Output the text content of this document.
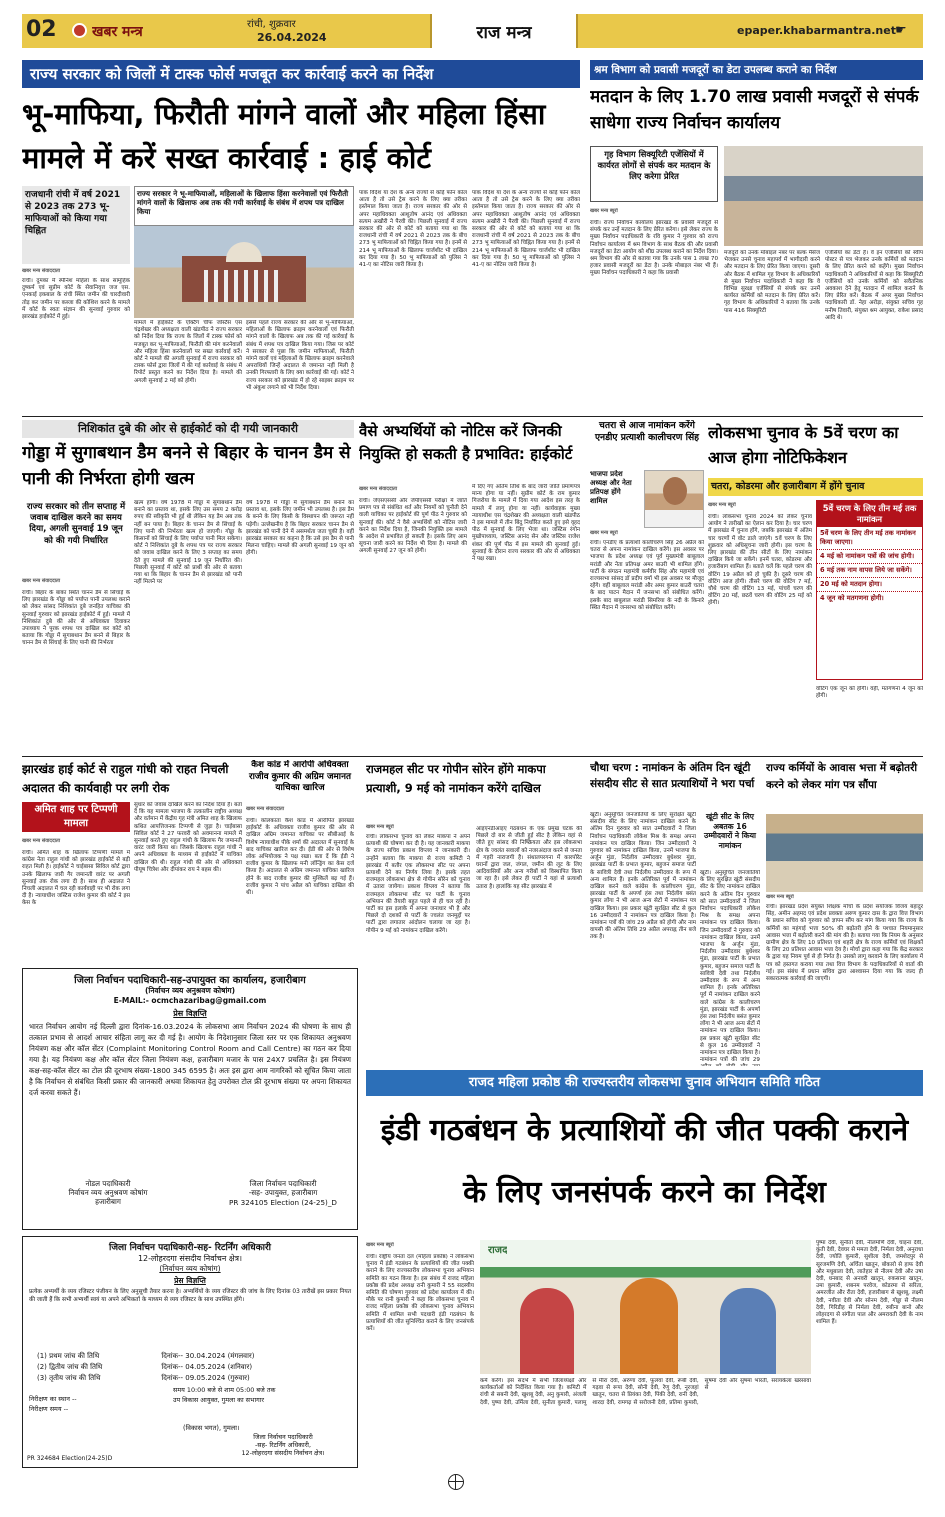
02	खबर मन्त्र	रांची, शुक्रवार
26.04.2024	राज मन्त्र	epaper.khabarmantra.net ☛
राज्य सरकार को जिलों में टास्क फोर्स मजबूत कर कार्रवाई करने का निर्देश
भू-माफिया, फिरौती मांगने वालों और महिला हिंसा मामले में करें सख्त कार्रवाई : हाई कोर्ट
राजधानी रांची में वर्ष 2021 से 2023 तक 273 भू-माफियाओं को किया गया चिह्नित
खबर मन्त्र संवाददाता
राज्य सरकार ने भू-माफियाओं, महिलाओं के खिलाफ हिंसा करनेवालों एवं फिरौती मांगने वालों के खिलाफ अब तक की गयी कार्रवाई के संबंध में शपथ पत्र दाखिल किया
रांची। दुमका में स्पेनिश महिला के साथ सामूहिक दुष्कर्म एवं सुप्रीम कोर्ट के सेवानिवृत्त जज एस. एनकाई इकबाल के रांची स्थित जमीन की चारदीवारी तोड़ कर जमीन पर कब्जा की कोशिश करने के मामले में कोर्ट के स्वतः संज्ञान की सुनवाई गुरुवार को झारखंड हाईकोर्ट में हुई।
मामले में हाईकोर्ट के एक्टिंग चीफ जस्टिस एस चंद्रशेखर की अध्यक्षता वाली खंडपीठ ने राज्य सरकार को निर्देश दिया कि राज्य के जिलों में टास्क फोर्स को मजबूत कर भू-माफियाओं, फिरौती की मांग करनेवालों और महिला हिंसा करनेवालों पर सख्त कार्रवाई करें। कोर्ट ने मामले की अगली सुनवाई में राज्य सरकार को टास्क फोर्स द्वारा जिलों में की गई कार्रवाई के संबंध में रिपोर्ट प्रस्तुत करने का निर्देश दिया है। मामले की अगली सुनवाई 2 मई को होगी।
इससे पहले राज्य सरकार की ओर से भू-माफियाओं, महिलाओं के खिलाफ क्राइम करनेवालों एवं फिरौती मांगने वालों के खिलाफ अब तक की गई कार्रवाई के संबंध में शपथ पत्र दाखिल किया गया। जिस पर कोर्ट ने सरकार से पूछा कि जमीन माफियाओं, फिरौती मांगने वालों एवं महिलाओं के खिलाफ क्राइम करनेवाले अपराधियों जिन्हें अदालत से जमानत नहीं मिली है उनकी गिरफ्तारी के लिए क्या कार्रवाई की गई। कोर्ट ने राज्य सरकार को झारखंड में हो रहे साइबर क्राइम पर भी अंकुश लगाने को भी निर्देश दिया।
पाक विदेश या देश के अन्य राज्यों से कोई फोन कॉल आता है तो उसे ट्रेस करने के लिए क्या तरीका इस्तेमाल किया जाता है। राज्य सरकार की ओर से अपर महाधिवक्ता आशुतोष आनंद एवं अधिवक्ता सत्यम अखौरी ने पैरवी की। पिछली सुनवाई में राज्य सरकार की ओर से कोर्ट को बताया गया था कि राजधानी रांची में वर्ष 2021 से 2023 तक के बीच 273 भू माफियाओं को चिह्नित किया गया है। इनमें से 214 भू माफियाओं के खिलाफ चार्जशीट भी दाखिल कर दिया गया है। 50 भू माफियाओं को पुलिस ने 41-ए का नोटिस जारी किया है।
पाक विदेश या देश के अन्य राज्यों से कोई फोन कॉल आता है तो उसे ट्रेस करने के लिए क्या तरीका इस्तेमाल किया जाता है। राज्य सरकार की ओर से अपर महाधिवक्ता आशुतोष आनंद एवं अधिवक्ता सत्यम अखौरी ने पैरवी की। पिछली सुनवाई में राज्य सरकार की ओर से कोर्ट को बताया गया था कि राजधानी रांची में वर्ष 2021 से 2023 तक के बीच 273 भू माफियाओं को चिह्नित किया गया है। इनमें से 214 भू माफियाओं के खिलाफ चार्जशीट भी दाखिल कर दिया गया है। 50 भू माफियाओं को पुलिस ने 41-ए का नोटिस जारी किया है।
श्रम विभाग को प्रवासी मजदूरों का डेटा उपलब्ध कराने का निर्देश
मतदान के लिए 1.70 लाख प्रवासी मजदूरों से संपर्क साधेगा राज्य निर्वाचन कार्यालय
गृह विभाग सिक्यूरिटी एजेंसियों में कार्यरत लोगों से संपर्क कर मतदान के लिए करेगा प्रेरित
खबर मन्त्र ब्यूरो
रांची। राज्य निर्वाचन कार्यालय झारखंड के प्रवासी मजदूरों से संपर्क कर उन्हें मतदान के लिए प्रेरित करेगा। इसे लेकर राज्य के मुख्य निर्वाचन पदाधिकारी के रवि कुमार ने गुरुवार को राज्य निर्वाचन कार्यालय में श्रम विभाग के साथ बैठक की और प्रवासी मजदूरों का डेटा आयोग को शीघ्र उपलब्ध कराने का निर्देश दिया। श्रम विभाग की ओर से बताया गया कि उनके पास 1 लाख 70 हजार प्रवासी मजदूरों का डेटा है। उनके मोबाइल नंबर भी हैं। मुख्य निर्वाचन पदाधिकारी ने कहा कि प्रवासी
मजदूरों को उनके मोबाइल नंबर पर बल्क मैसेज भेजकर उनसे चुनाव महापर्व में भागीदारी करने और मतदान के लिए प्रेरित किया जाएगा। दूसरी ओर बैठक में शामिल गृह विभाग के अधिकारियों से मुख्य निर्वाचन पदाधिकारी ने कहा कि वे विभिन्न सुरक्षा एजेंसियों से संपर्क कर उनमें कार्यरत कर्मियों को मतदान के लिए प्रेरित करें। गृह विभाग के अधिकारियों ने बताया कि उनके पास 416 सिक्यूरिटी
एजेंसियों का डेटा है। वे इन एजेंसियों को स्वीप पोस्टर से पत्र भेजकर उनके कर्मियों को मतदान के लिए प्रेरित करने को कहेंगे। मुख्य निर्वाचन पदाधिकारी ने अधिकारियों से कहा कि सिक्यूरिटी एजेंसियों को उनके कर्मियों को सवैतनिक अवकाश देने हेतु मतदान में शामिल कराने के लिए प्रेरित करें। बैठक में अपर मुख्य निर्वाचन पदाधिकारी डॉ. नेहा अरोड़ा, संयुक्त सचिव गृह मनीष तिवारी, संयुक्त श्रम आयुक्त, राकेश प्रसाद आदि थे।
निशिकांत दुबे की ओर से हाईकोर्ट को दी गयी जानकारी
गोड्डा में सुगाबथान डैम बनने से बिहार के चानन डैम से पानी की निर्भरता होगी खत्म
राज्य सरकार को तीन सप्ताह में जवाब दाखिल करने का समय दिया, अगली सुनवाई 19 जून को की गयी निर्धारित
खबर मन्त्र संवाददाता
रांची। बिहार के बांका स्थित चानन डैम से सिंचाई के लिए झारखंड के गोड्डा को पर्याप्त पानी उपलब्ध कराने को लेकर सांसद निशिकांत दुबे जनहित याचिका की सुनवाई गुरुवार को झारखंड हाईकोर्ट में हुई। मामले में निशिकांत दुबे की ओर से अधिवक्ता दिवाकर उपाध्याय ने पूरक शपथ पत्र दाखिल कर कोर्ट को बताया कि गोड्डा में सुगाबथान डैम बनने से बिहार के चानन डैम से सिंचाई के लिए पानी की निर्भरता
खत्म होगी। वर्ष 1978 में गोड्डा में सुगाबथान डैम बनाने का प्रस्ताव था, इसके लिए उस समय 2 करोड़ रुपए की स्वीकृति भी हुई थी लेकिन यह डैम अब तक नहीं बन पाया है। बिहार के चानन डैम से सिंचाई के लिए पानी की निर्भरता खत्म हो जाएगी। गोड्डा के किसानों को सिंचाई के लिए पर्याप्त पानी मिल सकेगा। कोर्ट ने निशिकांत दुबे के शपथ पत्र पर राज्य सरकार को जवाब दाखिल करने के लिए 3 सप्ताह का समय देते हुए मामले की सुनवाई 19 जून निर्धारित की। पिछली सुनवाई में कोर्ट को प्रार्थी की ओर से बताया गया था कि बिहार के चानन डैम से झारखंड को पानी नहीं मिलने पर
वर्ष 1978 में गोड्डा में सुगाबथान डैम बनाने का प्रस्ताव था, इसके लिए जमीन भी उपलब्ध है। इस डैम के बनने के लिए किसी के विस्थापन की जरूरत नहीं पड़ेगी। उल्लेखनीय है कि बिहार सरकार चानन डैम से झारखंड को पानी देने में असमर्थता जता चुकी है। वहीं झारखंड सरकार का कहना है कि उसे इस डैम से पानी मिलना चाहिए। मामले की अगली सुनवाई 19 जून को होगी।
वैसे अभ्यर्थियों को नोटिस करें जिनकी नियुक्ति हो सकती है प्रभावित: हाईकोर्ट
खबर मन्त्र संवाददाता
रांची। जेएसएससी और जेपीएससी परीक्षा में जाति प्रमाण पत्र से संबंधित शर्त और नियमों को चुनौती देने वाली याचिका पर हाईकोर्ट की पूर्ण पीठ ने गुरुवार को सुनवाई की। कोर्ट ने वैसे अभ्यर्थियों को नोटिस जारी करने का निर्देश दिया है, जिनकी नियुक्ति इस मामले के आदेश से प्रभावित हो सकती है। इसके लिए आम सूचना जारी करने का निर्देश भी दिया है। मामले की अगली सुनवाई 27 जून को होगी।
में दिए गए अंतिम तिथि के बाद जारी जाति प्रमाणपत्र मान्य होगा या नहीं। सुप्रीम कोर्ट के राम कुमार गिजरोया के मामले में दिया गया आदेश इस तरह के मामले में लागू होगा या नहीं। कार्यवाहक मुख्य न्यायाधीश एस चंद्रशेखर की अध्यक्षता वाली खंडपीठ ने इस मामले में तीन बिंदु निर्धारित करते हुए इसे वृहद पीठ में सुनवाई के लिए भेजा था। जस्टिस रंगोन मुखोपाध्याय, जस्टिस आनंद सेन और जस्टिस राजेश शंकर की पूर्ण पीठ में इस मामले की सुनवाई हुई। सुनवाई के दौरान राज्य सरकार की ओर से अधिवक्ता ने पक्ष रखा।
चतरा से आज नामांकन करेंगे एनडीए प्रत्याशी कालीचरण सिंह
भाजपा प्रदेश अध्यक्ष और नेता प्रतिपक्ष होंगे शामिल
खबर मन्त्र ब्यूरो
रांची। एनडीए के प्रत्याशी कालीचरण सिंह 26 अप्रैल को चतरा से अपना नामांकन दाखिल करेंगे। इस अवसर पर भाजपा के प्रदेश अध्यक्ष एवं पूर्व मुख्यमंत्री बाबूलाल मरांडी और नेता प्रतिपक्ष अमर बाउरी भी शामिल होंगे। पार्टी के संगठन महामंत्री कर्मवीर सिंह और महामंत्री एवं राज्यसभा सांसद डॉ प्रदीप वर्मा भी इस अवसर पर मौजूद रहेंगे। वहीं बाबूलाल मरांडी और अमर कुमार बाउरी चतरा के बाद पाटन मैदान में जनसभा को संबोधित करेंगे। इसके बाद बाबूलाल मरांडी सिमरिया के नदी के किनारे स्थित मैदान में जनसभा को संबोधित करेंगे।
लोकसभा चुनाव के 5वें चरण का आज होगा नोटिफिकेशन
चतरा, कोडरमा और हजारीबाग में होंगे चुनाव
खबर मन्त्र ब्यूरो
रांची। लोकसभा चुनाव 2024 को लेकर चुनाव आयोग ने तारीखों का ऐलान कर दिया है। चार चरण में झारखंड में चुनाव होंगे, जबकि झारखंड में अंतिम चार चरणों में वोट डाले जाएंगे। 5वें चरण के लिए शुक्रवार को अधिसूचना जारी होगी। इस चरण के लिए झारखंड की तीन सीटों के लिए नामांकन दाखिल किये जा सकेंगे। इनमें चतरा, कोडरमा और हजारीबाग शामिल हैं। बताते चलें कि पहले चरण की वोटिंग 19 अप्रैल को हो चुकी है। दूसरे चरण की वोटिंग आज होगी। तीसरे चरण की वोटिंग 7 मई, चौथे चरण की वोटिंग 13 मई, पांचवें चरण की वोटिंग 20 मई, छठवें चरण की वोटिंग 25 मई को होगी।
5वें चरण के लिए तीन मई तक नामांकन
5वें चरण के लिए तीन मई तक नामांकन किया जाएगा।
4 मई को नामांकन पत्रों की जांच होगी।
6 मई तक नाम वापस लिये जा सकेंगे।
20 मई को मतदान होगा।
4 जून को मतगणना होगी।
वोटिंग एक जून को होगी। वहीं, मतगणना 4 जून को होगी।
झारखंड हाई कोर्ट से राहुल गांधी को राहत निचली अदालत की कार्यवाही पर लगी रोक
अमित शाह पर टिप्पणी मामला
खबर मन्त्र संवाददाता
रांची। अमित शाह के खिलाफ टिप्पणी मामले में कांग्रेस नेता राहुल गांधी को झारखंड हाईकोर्ट से बड़ी राहत मिली है। हाईकोर्ट ने चाईबासा सिविल कोर्ट द्वारा उनके खिलाफ जारी गैर जमानती वारंट पर अगली सुनवाई तक रोक लगा दी है। साथ ही अदालत ने निचली अदालत में चल रही कार्यवाही पर भी रोक लगा दी है। न्यायाधीश जस्टिस राजेश कुमार की कोर्ट ने इस केस के
सुधार को जवाब दाखिल करने का निर्देश दिया है। बता दें कि यह मामला भाजपा के तत्कालीन राष्ट्रीय अध्यक्ष और वर्तमान में केंद्रीय गृह मंत्री अमित शाह के खिलाफ कथित आपत्तिजनक टिप्पणी से जुड़ा है। चाईबासा सिविल कोर्ट ने 27 फरवरी को अवमानना मामले में सुनवाई करते हुए राहुल गांधी के खिलाफ गैर जमानती वारंट जारी किया था। जिसके खिलाफ राहुल गांधी ने अपने अधिवक्ता के माध्यम से हाईकोर्ट में याचिका दाखिल की थी। राहुल गांधी की ओर से अधिवक्ता पीयूष चित्रेश और दीपांकर राय ने बहस की।
कैश कांड में आरोपी अधिवक्ता राजीव कुमार की अग्रिम जमानत याचिका खारिज
खबर मन्त्र संवाददाता
रांची। कोलकाता कैश कांड में आरोपित झारखंड हाईकोर्ट के अधिवक्ता राजीव कुमार की ओर से दाखिल अग्रिम जमानत याचिका पर सीबीआई के विशेष न्यायाधीश पीके शर्मा की अदालत में सुनवाई के बाद याचिका खारिज कर दी। ईडी की ओर से विशेष लोक अभियोजक ने पक्ष रखा। बता दें कि ईडी ने राजीव कुमार के खिलाफ मनी लॉन्ड्रिंग का केस दर्ज किया है। अदालत से अग्रिम जमानत याचिका खारिज होने के बाद राजीव कुमार की मुश्किलें बढ़ गई हैं। राजीव कुमार ने पांच अप्रैल को याचिका दाखिल की थी।
राजमहल सीट पर गोपीन सोरेन होंगे माकपा प्रत्याशी, 9 मई को नामांकन करेंगे दाखिल
खबर मन्त्र ब्यूरो
रांची। लोकसभा चुनाव को लेकर माकपा ने अपने प्रत्याशी की घोषणा कर दी है। यह जानकारी माकपा के राज्य सचिव प्रकाश विप्लव ने जानकारी दी। उन्होंने बताया कि माकपा से राज्य कमिटी ने झारखंड में बतौर एक लोकसभा सीट पर अपना प्रत्याशी देने का निर्णय लिया है। इसके तहत राजमहल लोकसभा क्षेत्र से गोपीन सोरेन को चुनाव में उतारा जायेगा। प्रकाश विप्लव ने बताया कि राजमहल लोकसभा सीट पर पार्टी के चुनाव अभियान की तैयारी बहुत पहले से ही चल रही है। पार्टी का इस इलाके में अपना जनाधार भी है और पिछले दो दशकों से पार्टी के ज्वलंत जनमुद्दों पर पार्टी द्वारा लगातार आंदोलन चलाया जा रहा है। गोपीन 9 मई को नामांकन दाखिल करेंगे।
आइएनडीआइए गठबंधन के एक प्रमुख घटक की पिछले दो बार से जीती हुई सीट है लेकिन वहां से जीते हुए सांसद की निष्क्रियता और इस लोकसभा क्षेत्र के ज्वलंत सवालों को नजरअंदाज करने से जनता में गहरी नाराजगी है। संथालपरगना में कारपोरेट घरानों द्वारा जल, जंगल, जमीन की लूट के लिए आदिवासियों और अन्य गरीबों को विस्थापित किया जा रहा है। इसे लेकर ही पार्टी ने यहां से प्रत्याशी उतारा है। हालांकि यह सीट झारखंड में
चौथा चरण : नामांकन के अंतिम दिन खूंटी संसदीय सीट से सात प्रत्याशियों ने भरा पर्चा
खूंटी सीट के लिए अबतक 16 उम्मीदवारों ने किया नामांकन
खूंटी। अनुसूचित जनजातियों के लिए सुरक्षित खूंटी संसदीय सीट के लिए नामांकन दाखिल करने के अंतिम दिन गुरुवार को सात उम्मीदवारों ने जिला निर्वाचन पदाधिकारी लोकेश मिश्र के समक्ष अपना नामांकन पत्र दाखिल किया। जिन उम्मीदवारों ने गुरुवार को नामांकन दाखिल किया, उनमें भाजपा के अर्जुन मुंडा, निर्दलीय उम्मीदवार बुधेश्वर मुंडा, झारखंड पार्टी के प्रभात कुमार, बहुजन समाज पार्टी के सावित्री देवी तथा निर्दलीय उम्मीदवार के रूप में अन्य शामिल हैं। इनके अतिरिक्त पूर्व में नामांकन दाखिल करने वाले कांग्रेस के कालीचरण मुंडा, झारखंड पार्टी के अपर्णा हंस तथा निर्दलीय बसंत कुमार लोंगा ने भी आज अन्य सेटों में नामांकन पत्र दाखिल किया। इस प्रकार खूंटी सुरक्षित सीट से कुल 16 उम्मीदवारों ने नामांकन पत्र दाखिल किया है। नामांकन पत्रों की जांच 29 अप्रैल को होगी और नाम वापसी की अंतिम तिथि 29 अप्रैल अपराह्न तीन बजे तक है।
खूंटी। अनुसूचित जनजातियों के लिए सुरक्षित खूंटी संसदीय सीट के लिए नामांकन दाखिल करने के अंतिम दिन गुरुवार को सात उम्मीदवारों ने जिला निर्वाचन पदाधिकारी लोकेश मिश्र के समक्ष अपना नामांकन पत्र दाखिल किया। जिन उम्मीदवारों ने गुरुवार को नामांकन दाखिल किया, उनमें भाजपा के अर्जुन मुंडा, निर्दलीय उम्मीदवार बुधेश्वर मुंडा, झारखंड पार्टी के प्रभात कुमार, बहुजन समाज पार्टी के सावित्री देवी तथा निर्दलीय उम्मीदवार के रूप में अन्य शामिल हैं। इनके अतिरिक्त पूर्व में नामांकन दाखिल करने वाले कांग्रेस के कालीचरण मुंडा, झारखंड पार्टी के अपर्णा हंस तथा निर्दलीय बसंत कुमार लोंगा ने भी आज अन्य सेटों में नामांकन पत्र दाखिल किया। इस प्रकार खूंटी सुरक्षित सीट से कुल 16 उम्मीदवारों ने नामांकन पत्र दाखिल किया है। नामांकन पत्रों की जांच 29
राज्य कर्मियों के आवास भत्ता में बढ़ोतरी करने को लेकर मांग पत्र सौंपा
खबर मन्त्र ब्यूरो
रांची। झारखंड प्रदेश संयुक्त शिक्षक मोर्चा के प्रदेश संयोजक विजय बहादुर सिंह, अमीन अहमद एवं प्रदेश प्रवक्ता अरुण कुमार दास के द्वारा वित्त विभाग के प्रधान सचिव को गुरुवार को ज्ञापन सौंप कर मांग किया गया कि राज्य के कर्मियों का महंगाई भत्ता 50% की बढ़ोतरी होने के पश्चात नियमानुसार आवास भत्ता में बढ़ोतरी करने की मांग की है। बताया गया कि नियम के अनुसार ग्रामीण क्षेत्र के लिए 10 प्रतिशत एवं शहरी क्षेत्र के राज्य कर्मियों एवं शिक्षकों के लिए 20 प्रतिशत आवास भत्ता देय है। मोर्चा द्वारा कहा गया कि केंद्र सरकार के द्वारा यह नियम पूर्व से ही निर्गत है। उसको लागू करवाने के लिए कार्यालय में पत्र को हस्तगत कराया गया तथा वित्त विभाग के पदाधिकारियों से वार्ता की गई। इस संबंध में प्रधान सचिव द्वारा आश्वासन दिया गया कि जल्द ही सकारात्मक कार्रवाई की जाएगी।
जिला निर्वाचन पदाधिकारी-सह-उपायुक्त का कार्यालय, हजारीबाग
(निर्वाचन व्यय अनुश्रवण कोषांग)
E-MAIL:- ocmchazaribag@gmail.com
प्रेस विज्ञप्ति
भारत निर्वाचन आयोग नई दिल्ली द्वारा दिनांक-16.03.2024 के लोकसभा आम निर्वाचन 2024 की घोषणा के साथ ही तत्काल प्रभाव से आदर्श आचार संहिता लागू कर दी गई है। आयोग के निदेशानुसार जिला स्तर पर एक शिकायत अनुश्रवण नियंत्रण कक्ष और कॉल सेंटर (Complaint Monitoring Control Room and Call Centre) का गठन कर दिया गया है। यह नियंत्रण कक्ष और कॉल सेंटर जिला नियंत्रण कक्ष, हजारीबाग मजार के पास 24X7 प्रचलित है। इस नियंत्रण कक्ष-सह-कॉल सेंटर का टोल फ्री दूरभाष संख्या-1800 345 6595 है। अतः इस द्वारा आम नागरिकों को सूचित किया जाता है कि निर्वाचन से संबंधित किसी प्रकार की जानकारी अथवा शिकायत हेतु उपरोक्त टोल फ्री दूरभाष संख्या पर अपना शिकायत दर्ज करवा सकते हैं।
नोडल पदाधिकारी
निर्वाचन व्यय अनुश्रवण कोषांग
हजारीबाग
जिला निर्वाचन पदाधिकारी
-सह- उपायुक्त, हजारीबाग
PR 324105 Election (24-25)_D
जिला निर्वाचन पदाधिकारी-सह- रिटर्निंग अधिकारी
12-लोहरदगा संसदीय निर्वाचन क्षेत्र।
(निर्वाचन व्यय कोषांग)
प्रेस विज्ञप्ति
प्रत्येक अभ्यर्थी के व्यय रजिस्टर पंजीयन के लिए अनुसूची तैयार करना है। अभ्यर्थियों के व्यय रजिस्टर की जांच के लिए दिनांक 03 तारीखें इस प्रकार नियत की जाती हैं कि सभी अभ्यर्थी स्वयं या अपने अभिकर्ता के माध्यम से व्यय रजिस्टर के साथ उपस्थित होंगे।
(1) प्रथम जांच की तिथि	दिनांक-- 30.04.2024 (मंगलवार)
(2) द्वितीय जांच की तिथि	दिनांक-- 04.05.2024 (शनिवार)
(3) तृतीय जांच की तिथि	दिनांक-- 09.05.2024 (गुरुवार)
समय 10:00 बजे से शाम 05:00 बजे तक
निरीक्षण का स्थान --	उप विकास आयुक्त, गुमला का सभागार
निरीक्षण समय --
(विकास भगत), गुमला।
जिला निर्वाचन पदाधिकारी
-सह- रिटर्निंग अधिकारी,
12-लोहरदगा संसदीय निर्वाचन क्षेत्र।
PR 324684 Election(24-25)D
राजद महिला प्रकोष्ठ की राज्यस्तरीय लोकसभा चुनाव अभियान समिति गठित
इंडी गठबंधन के प्रत्याशियों की जीत पक्की कराने के लिए जनसंपर्क करने का निर्देश
खबर मन्त्र ब्यूरो
रांची। राष्ट्रीय जनता दल (महिला प्रकोष्ठ) ने लोकसभा चुनाव में इंडी गठबंधन के प्रत्याशियों की जीत पक्की कराने के लिए राज्यस्तरीय लोकसभा चुनाव अभियान समिति का गठन किया है। इस संबंध में राजद महिला प्रकोष्ठ की प्रदेश अध्यक्ष रानी कुमारी ने 55 सदस्यीय समिति की घोषणा गुरुवार को प्रदेश कार्यालय में की। मौके पर रानी कुमारी ने कहा कि लोकसभा चुनाव में राजद महिला प्रकोष्ठ की लोकसभा चुनाव अभियान समिति में शामिल सभी पदधारी इंडी गठबंधन के प्रत्याशियों की जीत सुनिश्चित कराने के लिए जनसंपर्क करें।
राजद
कर्म करेंगे। इस संदर्भ में सभी जिलाध्यक्षों और कार्यकर्ताओं को निर्देशित किया गया है। कमिटी में रांची से सबनी देवी, खुशबू देवी, अनु कुमारी, अंजली देवी, पुष्पा देवी, उर्मिला देवी, सुनीता कुमारी, पलामू से मीरा देवी, अरुणा देवी, फूलवा देवी, रूबी देवी, गढ़वा से रूपा देवी, सोनी देवी, रेणु देवी, नूरजहां खातून, चतरा से प्रियंका देवी, पिंकी देवी, रानी देवी, शारदा देवी, रामगढ़ से सरोजनी देवी, प्रतिमा कुमारी, सुषमा देवी और सुषमा भारती, सरायकेला खरसावां से
पुष्पा देवी, सुनीता देवी, नीलमणि देवी, चाइना देवी, कुंती देवी, देवघर से ममता देवी, निर्मला देवी, अनुराधा देवी, ज्योति कुमारी, सुशीला देवी, जमशेदपुर से सूरजमणि देवी, अर्चिता खातून, बोकारो से हाफ देवी और मधुबाला देवी, लातेहार से नीलम देवी और उषा देवी, धनबाद से अनवरी खातून, रुकसाना खातून, उमा कुमारी, शबनम परवेज, कोडरमा से सरिता, अमरजीत और रीता देवी, हजारीबाग से खुशबू, लक्ष्मी देवी, नवीता देवी और सोनम देवी, गोड्डा से नीलम देवी, गिरिडीह से निर्मला देवी, रुबीना बानो और लोहरदगा से संगीता पाल और अमरावती देवी के नाम शामिल हैं।
